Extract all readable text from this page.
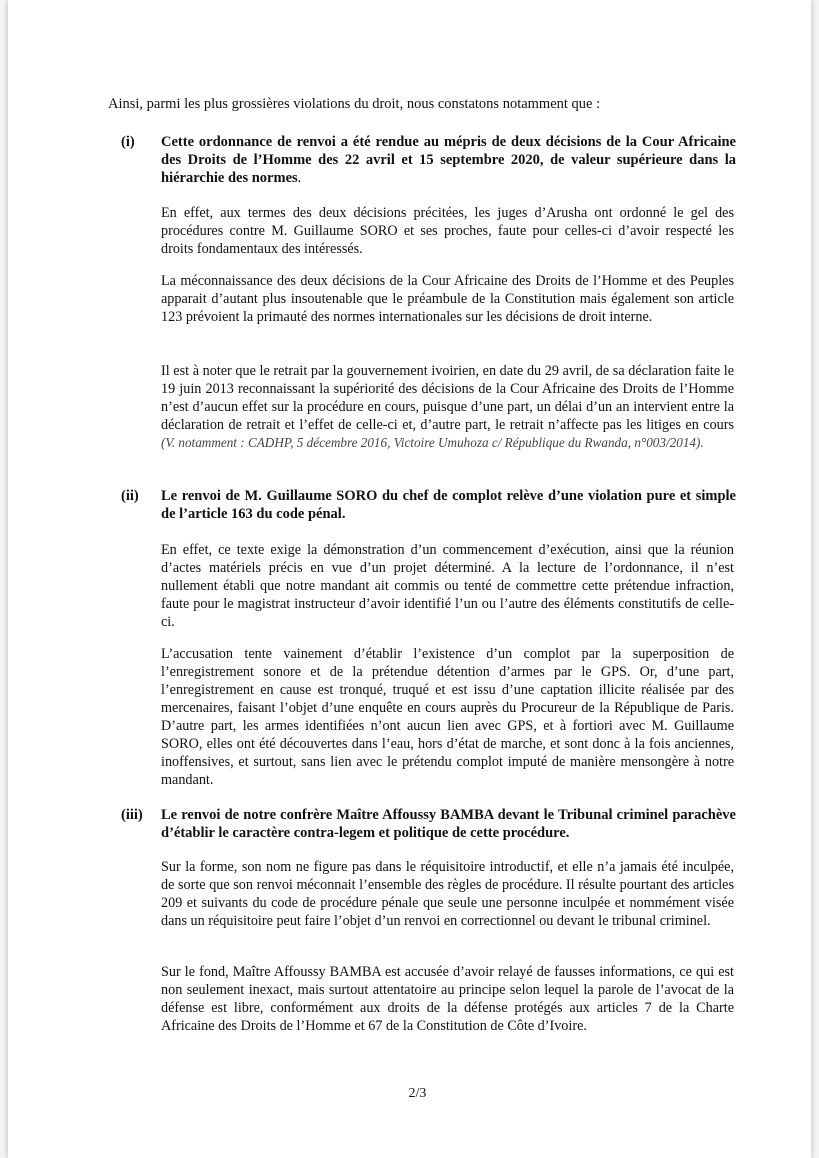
Ainsi, parmi les plus grossières violations du droit, nous constatons notamment que :

(i) Cette ordonnance de renvoi a été rendue au mépris de deux décisions de la Cour Africaine des Droits de l’Homme des 22 avril et 15 septembre 2020, de valeur supérieure dans la hiérarchie des normes.

En effet, aux termes des deux décisions précitées, les juges d’Arusha ont ordonné le gel des procédures contre M. Guillaume SORO et ses proches, faute pour celles-ci d’avoir respecté les droits fondamentaux des intéressés.

La méconnaissance des deux décisions de la Cour Africaine des Droits de l’Homme et des Peuples apparait d’autant plus insoutenable que le préambule de la Constitution mais également son article 123 prévoient la primauté des normes internationales sur les décisions de droit interne.

Il est à noter que le retrait par la gouvernement ivoirien, en date du 29 avril, de sa déclaration faite le 19 juin 2013 reconnaissant la supériorité des décisions de la Cour Africaine des Droits de l’Homme n’est d’aucun effet sur la procédure en cours, puisque d’une part, un délai d’un an intervient entre la déclaration de retrait et l’effet de celle-ci et, d’autre part, le retrait n’affecte pas les litiges en cours (V. notamment : CADHP, 5 décembre 2016, Victoire Umuhoza c/ République du Rwanda, n°003/2014).

(ii) Le renvoi de M. Guillaume SORO du chef de complot relève d’une violation pure et simple de l’article 163 du code pénal.

En effet, ce texte exige la démonstration d’un commencement d’exécution, ainsi que la réunion d’actes matériels précis en vue d’un projet déterminé. A la lecture de l’ordonnance, il n’est nullement établi que notre mandant ait commis ou tenté de commettre cette prétendue infraction, faute pour le magistrat instructeur d’avoir identifié l’un ou l’autre des éléments constitutifs de celle-ci.

L’accusation tente vainement d’établir l’existence d’un complot par la superposition de l’enregistrement sonore et de la prétendue détention d’armes par le GPS. Or, d’une part, l’enregistrement en cause est tronqué, truqué et est issu d’une captation illicite réalisée par des mercenaires, faisant l’objet d’une enquête en cours auprès du Procureur de la République de Paris. D’autre part, les armes identifiées n’ont aucun lien avec GPS, et à fortiori avec M. Guillaume SORO, elles ont été découvertes dans l’eau, hors d’état de marche, et sont donc à la fois anciennes, inoffensives, et surtout, sans lien avec le prétendu complot imputé de manière mensongère à notre mandant.

(iii) Le renvoi de notre confrère Maître Affoussy BAMBA devant le Tribunal criminel parachève d’établir le caractère contra-legem et politique de cette procédure.

Sur la forme, son nom ne figure pas dans le réquisitoire introductif, et elle n’a jamais été inculpée, de sorte que son renvoi méconnait l’ensemble des règles de procédure. Il résulte pourtant des articles 209 et suivants du code de procédure pénale que seule une personne inculpée et nommément visée dans un réquisitoire peut faire l’objet d’un renvoi en correctionnel ou devant le tribunal criminel.

Sur le fond, Maître Affoussy BAMBA est accusée d’avoir relayé de fausses informations, ce qui est non seulement inexact, mais surtout attentatoire au principe selon lequel la parole de l’avocat de la défense est libre, conformément aux droits de la défense protégés aux articles 7 de la Charte Africaine des Droits de l’Homme et 67 de la Constitution de Côte d’Ivoire.

2/3
